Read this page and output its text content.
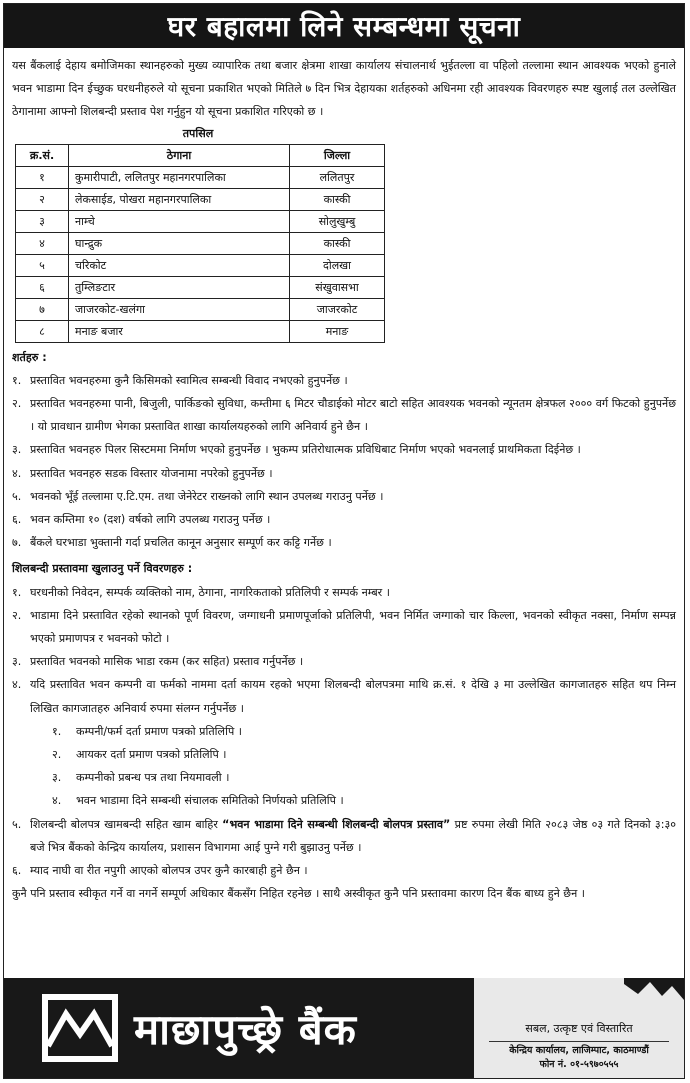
घर बहालमा लिने सम्बन्धमा सूचना

यस बैंकलाई देहाय बमोजिमका स्थानहरुको मुख्य व्यापारिक तथा बजार क्षेत्रमा शाखा कार्यालय संचालनार्थ भुईतल्ला वा पहिलो तल्लामा स्थान आवश्यक भएको हुनाले भवन भाडामा दिन ईच्छुक घरधनीहरुले यो सूचना प्रकाशित भएको मितिले ७ दिन भित्र देहायका शर्तहरुको अधिनमा रही आवश्यक विवरणहरु स्पष्ट खुलाई तल उल्लेखित ठेगानामा आफ्नो शिलबन्दी प्रस्ताव पेश गर्नुहुन यो सूचना प्रकाशित गरिएको छ ।

तपसिल
क्र.सं.	ठेगाना	जिल्ला
१	कुमारीपाटी, ललितपुर महानगरपालिका	ललितपुर
२	लेकसाईड, पोखरा महानगरपालिका	कास्की
३	नाम्चे	सोलुखुम्बु
४	घान्द्रुक	कास्की
५	चरिकोट	दोलखा
६	तुम्लिङटार	संखुवासभा
७	जाजरकोट-खलंगा	जाजरकोट
८	मनाङ बजार	मनाङ
शर्तहरु :
१. प्रस्तावित भवनहरुमा कुनै किसिमको स्वामित्व सम्बन्धी विवाद नभएको हुनुपर्नेछ ।
२. प्रस्तावित भवनहरुमा पानी, बिजुली, पार्किङको सुविधा, कम्तीमा ६ मिटर चौडाईको मोटर बाटो सहित आवश्यक भवनको न्यूनतम क्षेत्रफल २००० वर्ग फिटको हुनुपर्नेछ । यो प्रावधान ग्रामीण भेगका प्रस्तावित शाखा कार्यालयहरुको लागि अनिवार्य हुने छैन ।
३. प्रस्तावित भवनहरु पिलर सिस्टममा निर्माण भएको हुनुपर्नेछ । भुकम्प प्रतिरोधात्मक प्रविधिबाट निर्माण भएको भवनलाई प्राथमिकता दिईनेछ ।
४. प्रस्तावित भवनहरु सडक विस्तार योजनामा नपरेको हुनुपर्नेछ ।
५. भवनको भूँई तल्लामा ए.टि.एम. तथा जेनेरेटर राख्नको लागि स्थान उपलब्ध गराउनु पर्नेछ ।
६. भवन कम्तिमा १० (दश) वर्षको लागि उपलब्ध गराउनु पर्नेछ ।
७. बैंकले घरभाडा भुक्तानी गर्दा प्रचलित कानून अनुसार सम्पूर्ण कर कट्टि गर्नेछ ।
शिलबन्दी प्रस्तावमा खुलाउनु पर्ने विवरणहरु :
१. घरधनीको निवेदन, सम्पर्क व्यक्तिको नाम, ठेगाना, नागरिकताको प्रतिलिपी र सम्पर्क नम्बर ।
२. भाडामा दिने प्रस्तावित रहेको स्थानको पूर्ण विवरण, जग्गाधनी प्रमाणपूर्जाको प्रतिलिपी, भवन निर्मित जग्गाको चार किल्ला, भवनको स्वीकृत नक्सा, निर्माण सम्पन्न भएको प्रमाणपत्र र भवनको फोटो ।
३. प्रस्तावित भवनको मासिक भाडा रकम (कर सहित) प्रस्ताव गर्नुपर्नेछ ।
४. यदि प्रस्तावित भवन कम्पनी वा फर्मको नाममा दर्ता कायम रहको भएमा शिलबन्दी बोलपत्रमा माथि क्र.सं. १ देखि ३ मा उल्लेखित कागजातहरु सहित थप निम्न लिखित कागजातहरु अनिवार्य रुपमा संलग्न गर्नुपर्नेछ ।
१.	कम्पनी/फर्म दर्ता प्रमाण पत्रको प्रतिलिपि ।
२.	आयकर दर्ता प्रमाण पत्रको प्रतिलिपि ।
३.	कम्पनीको प्रबन्ध पत्र तथा नियमावली ।
४.	भवन भाडामा दिने सम्बन्धी संचालक समितिको निर्णयको प्रतिलिपि ।
५. शिलबन्दी बोलपत्र खामबन्दी सहित खाम बाहिर “भवन भाडामा दिने सम्बन्धी शिलबन्दी बोलपत्र प्रस्ताव” प्रष्ट रुपमा लेखी मिति २०८३ जेष्ठ ०३ गते दिनको ३:३० बजे भित्र बैंकको केन्द्रिय कार्यालय, प्रशासन विभागमा आई पुग्ने गरी बुझाउनु पर्नेछ ।
६. म्याद नाघी वा रीत नपुगी आएको बोलपत्र उपर कुनै कारबाही हुने छैन ।

कुनै पनि प्रस्ताव स्वीकृत गर्ने वा नगर्ने सम्पूर्ण अधिकार बैंकसँग निहित रहनेछ । साथै अस्वीकृत कुनै पनि प्रस्तावमा कारण दिन बैंक बाध्य हुने छैन ।

माछापुच्छ्रे बैंक	सबल, उत्कृष्ट एवं विस्तारित
केन्द्रिय कार्यालय, लाजिम्पाट, काठमाण्डौं
फोन नं. ०१-५९७०५५५
